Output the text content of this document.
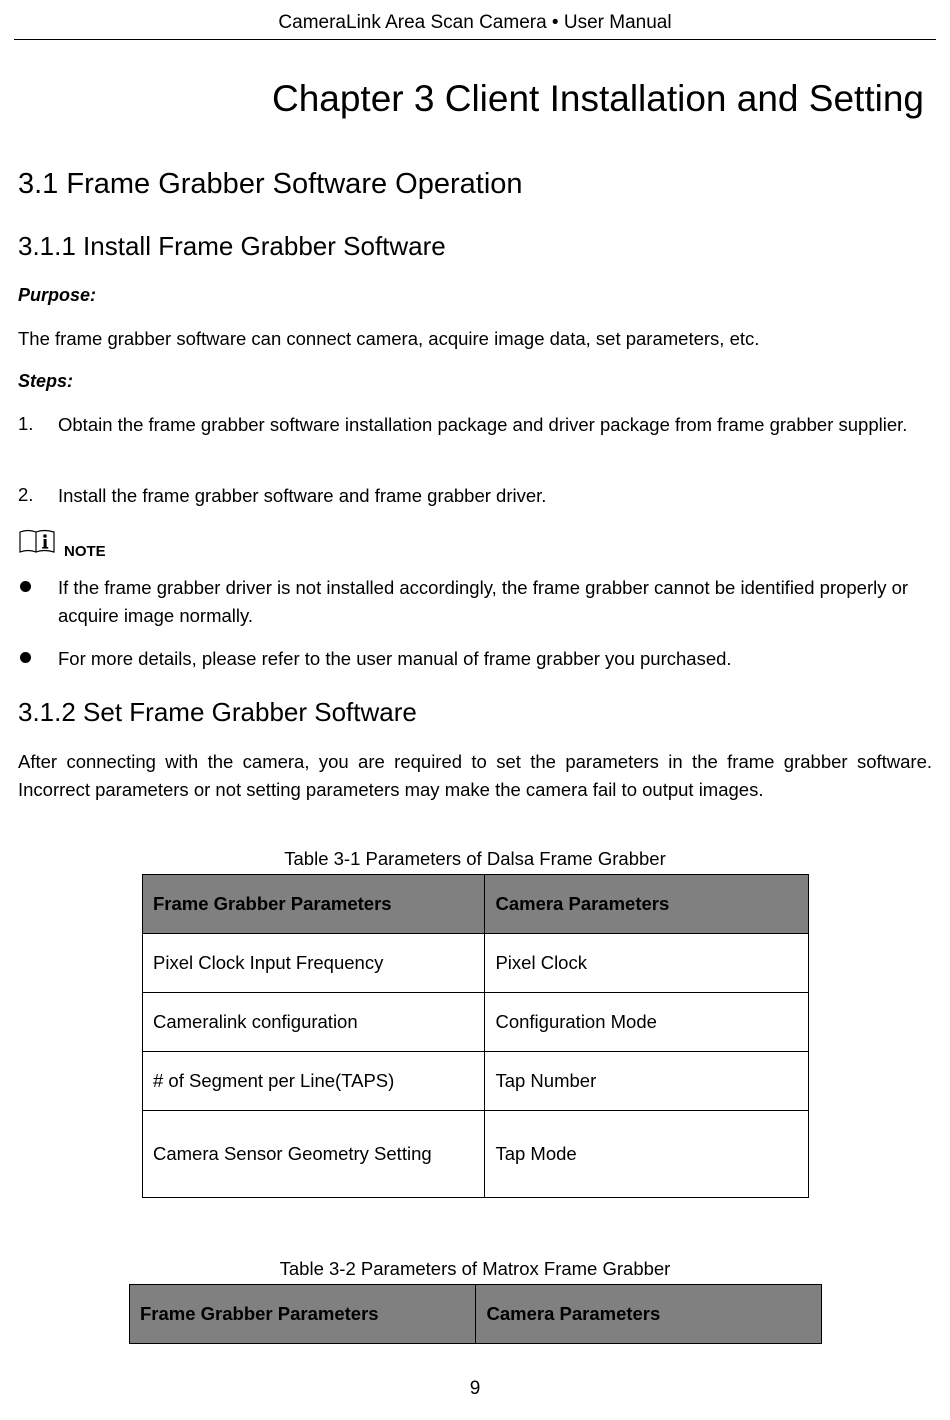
CameraLink Area Scan Camera • User Manual
Chapter 3 Client Installation and Setting
3.1 Frame Grabber Software Operation
3.1.1 Install Frame Grabber Software
Purpose:
The frame grabber software can connect camera, acquire image data, set parameters, etc.
Steps:
1. Obtain the frame grabber software installation package and driver package from frame grabber supplier.
2. Install the frame grabber software and frame grabber driver.
NOTE
If the frame grabber driver is not installed accordingly, the frame grabber cannot be identified properly or acquire image normally.
For more details, please refer to the user manual of frame grabber you purchased.
3.1.2 Set Frame Grabber Software
After connecting with the camera, you are required to set the parameters in the frame grabber software. Incorrect parameters or not setting parameters may make the camera fail to output images.
Table 3-1 Parameters of Dalsa Frame Grabber
Frame Grabber Parameters	Camera Parameters
Pixel Clock Input Frequency	Pixel Clock
Cameralink configuration	Configuration Mode
# of Segment per Line(TAPS)	Tap Number
Camera Sensor Geometry Setting	Tap Mode
Table 3-2 Parameters of Matrox Frame Grabber
Frame Grabber Parameters	Camera Parameters
9
